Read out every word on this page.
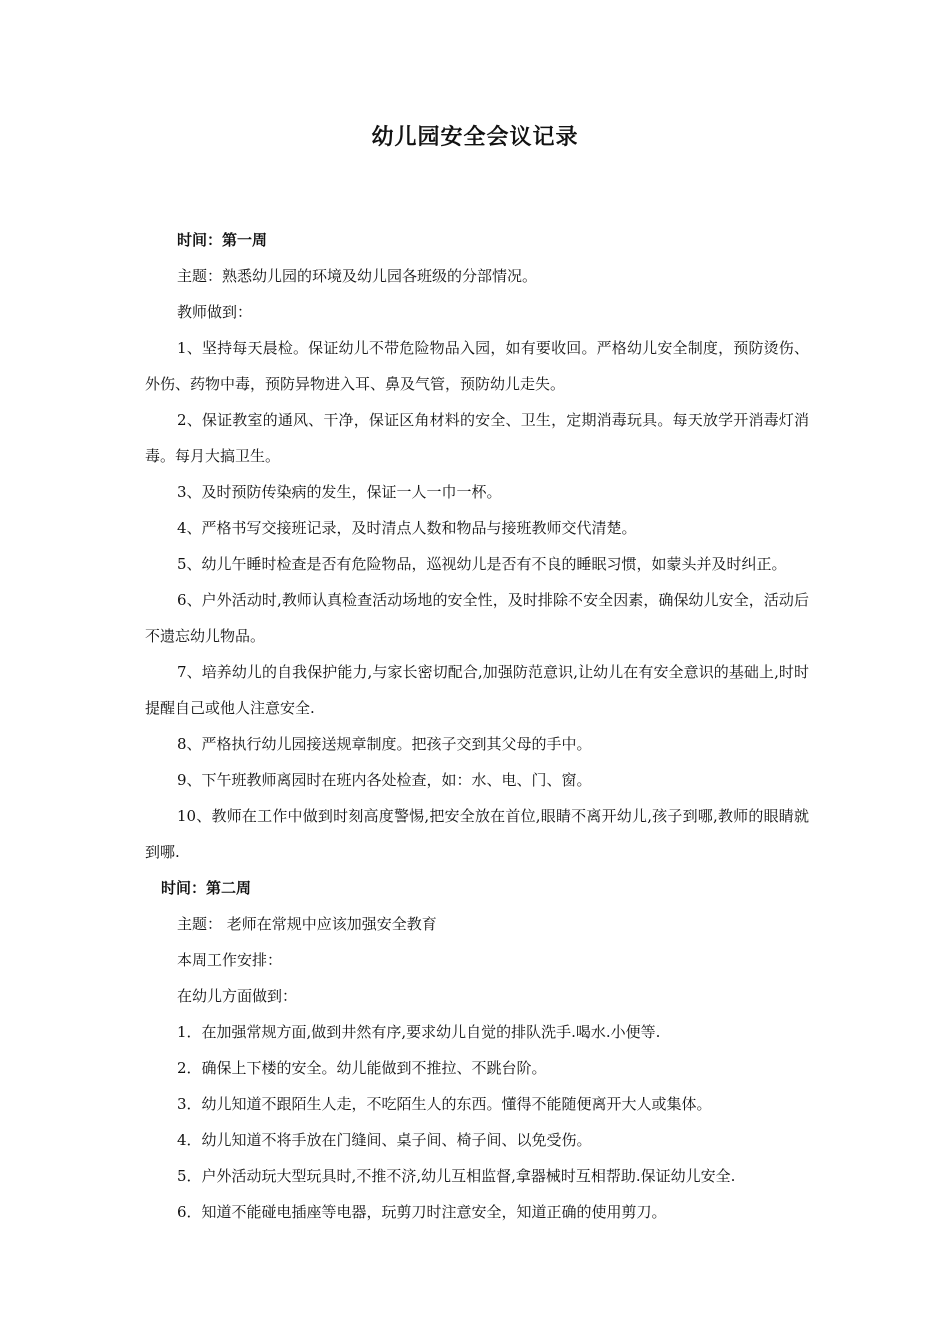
幼儿园安全会议记录

时间：第一周

主题：熟悉幼儿园的环境及幼儿园各班级的分部情况。

教师做到：

1、坚持每天晨检。保证幼儿不带危险物品入园，如有要收回。严格幼儿安全制度，预防烫伤、外伤、药物中毒，预防异物进入耳、鼻及气管，预防幼儿走失。

2、保证教室的通风、干净，保证区角材料的安全、卫生，定期消毒玩具。每天放学开消毒灯消毒。每月大搞卫生。

3、及时预防传染病的发生，保证一人一巾一杯。

4、严格书写交接班记录，及时清点人数和物品与接班教师交代清楚。

5、幼儿午睡时检查是否有危险物品，巡视幼儿是否有不良的睡眠习惯，如蒙头并及时纠正。

6、户外活动时,教师认真检查活动场地的安全性，及时排除不安全因素，确保幼儿安全，活动后不遗忘幼儿物品。

7、培养幼儿的自我保护能力,与家长密切配合,加强防范意识,让幼儿在有安全意识的基础上,时时提醒自己或他人注意安全.

8、严格执行幼儿园接送规章制度。把孩子交到其父母的手中。

9、下午班教师离园时在班内各处检查，如：水、电、门、窗。

10、教师在工作中做到时刻高度警惕,把安全放在首位,眼睛不离开幼儿,孩子到哪,教师的眼睛就到哪.

时间：第二周

主题： 老师在常规中应该加强安全教育

本周工作安排：

在幼儿方面做到：

1．在加强常规方面,做到井然有序,要求幼儿自觉的排队洗手.喝水.小便等.

2．确保上下楼的安全。幼儿能做到不推拉、不跳台阶。

3．幼儿知道不跟陌生人走，不吃陌生人的东西。懂得不能随便离开大人或集体。

4．幼儿知道不将手放在门缝间、桌子间、椅子间、以免受伤。

5．户外活动玩大型玩具时,不推不济,幼儿互相监督,拿器械时互相帮助.保证幼儿安全.

6．知道不能碰电插座等电器，玩剪刀时注意安全，知道正确的使用剪刀。
